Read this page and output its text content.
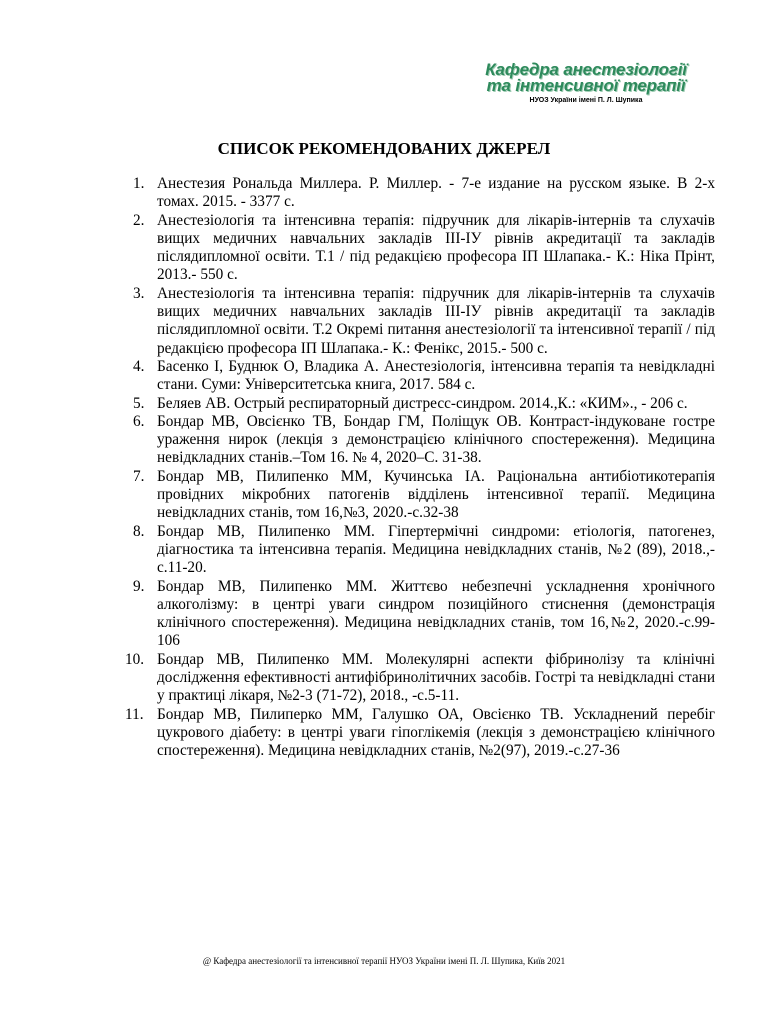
Кафедра анестезіології
та інтенсивної терапії
НУОЗ України імені П. Л. Шупика
СПИСОК РЕКОМЕНДОВАНИХ ДЖЕРЕЛ
1. Анестезия Рональда Миллера. Р. Миллер. - 7-е издание на русском языке. В 2-х томах. 2015. - 3377 с.
2. Анестезіологія та інтенсивна терапія: підручник для лікарів-інтернів та слухачів вищих медичних навчальних закладів ІІІ-ІУ рівнів акредитації та закладів післядипломної освіти. Т.1 / під редакцією професора ІП Шлапака.- К.: Ніка Прінт, 2013.- 550 с.
3. Анестезіологія та інтенсивна терапія: підручник для лікарів-інтернів та слухачів вищих медичних навчальних закладів ІІІ-ІУ рівнів акредитації та закладів післядипломної освіти. Т.2 Окремі питання анестезіології та інтенсивної терапії / під редакцією професора ІП Шлапака.- К.: Фенікс, 2015.- 500 с.
4. Басенко І, Буднюк О, Владика А. Анестезіологія, інтенсивна терапія та невідкладні стани. Суми: Університетська книга, 2017. 584 с.
5. Беляев АВ. Острый респираторный дистресс-синдром. 2014.,К.: «КИМ»., - 206 с.
6. Бондар МВ, Овсієнко ТВ, Бондар ГМ, Поліщук ОВ. Контраст-індуковане гостре ураження нирок (лекція з демонстрацією клінічного спостереження). Медицина невідкладних станів.–Том 16. № 4, 2020–С. 31-38.
7. Бондар МВ, Пилипенко ММ, Кучинська ІА. Раціональна антибіотикотерапія провідних мікробних патогенів відділень інтенсивної терапії. Медицина невідкладних станів, том 16,№3, 2020.-с.32-38
8. Бондар МВ, Пилипенко ММ. Гіпертермічні синдроми: етіологія, патогенез, діагностика та інтенсивна терапія. Медицина невідкладних станів, №2 (89), 2018.,-с.11-20.
9. Бондар МВ, Пилипенко ММ. Життєво небезпечні ускладнення хронічного алкоголізму: в центрі уваги синдром позиційного стиснення (демонстрація клінічного спостереження). Медицина невідкладних станів, том 16,№2, 2020.-с.99-106
10. Бондар МВ, Пилипенко ММ. Молекулярні аспекти фібринолізу та клінічні дослідження ефективності антифібринолітичних засобів. Гострі та невідкладні стани у практиці лікаря, №2-3 (71-72), 2018., -с.5-11.
11. Бондар МВ, Пилиперко ММ, Галушко ОА, Овсієнко ТВ. Ускладнений перебіг цукрового діабету: в центрі уваги гіпоглікемія (лекція з демонстрацією клінічного спостереження). Медицина невідкладних станів, №2(97), 2019.-с.27-36
@ Кафедра анестезіології та інтенсивної терапії НУОЗ України імені П. Л. Шупика, Київ 2021
